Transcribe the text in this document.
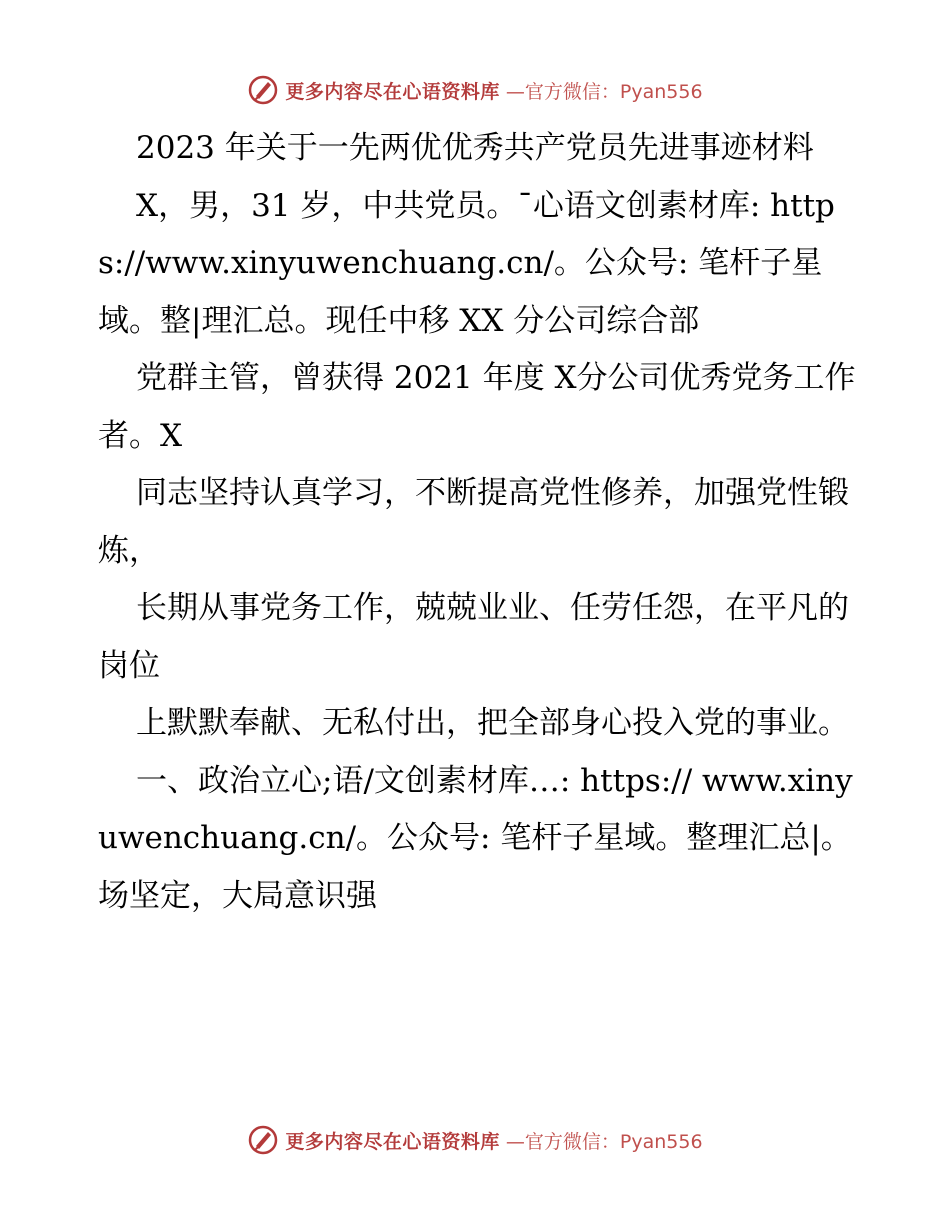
更多内容尽在心语资料库 —官方微信：Pyan556

2023 年关于一先两优优秀共产党员先进事迹材料

X，男，31 岁，中共党员。¯心语文创素材库: https://www.xinyuwenchuang.cn/。公众号: 笔杆子星域。整|理汇总。现任中移 XX 分公司综合部

党群主管，曾获得 2021 年度 X分公司优秀党务工作者。X

同志坚持认真学习，不断提高党性修养，加强党性锻炼，

长期从事党务工作，兢兢业业、任劳任怨，在平凡的岗位

上默默奉献、无私付出，把全部身心投入党的事业。

一、政治立心;语/文创素材库…: https:// www.xinyuwenchuang.cn/。公众号: 笔杆子星域。整理汇总|。场坚定，大局意识强

更多内容尽在心语资料库 —官方微信：Pyan556
